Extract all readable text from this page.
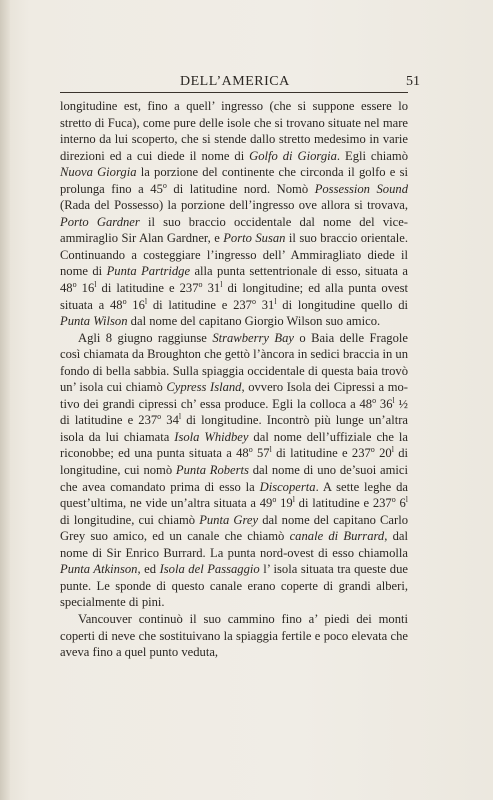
DELL’AMERICA	51

longitudine est, fino a quell’ ingresso (che si suppone essere lo stretto di Fuca), come pure delle isole che si trovano situate nel mare interno da lui scoperto, che si stende dallo stretto medesimo in varie direzioni ed a cui diede il nome di Golfo di Giorgia. Egli chiamò Nuova Giorgia la porzione del continente che circonda il golfo e si prolunga fino a 45$^o$ di latitudine nord. Nomò Possession Sound (Rada del Possesso) la porzione dell’ingresso ove allora si trovava, Porto Gardner il suo braccio occidentale dal nome del vice-ammiraglio Sir Alan Gardner, e Porto Susan il suo braccio orientale. Continuando a costeggiare l’ingresso dell’ Ammiragliato diede il nome di Punta Partridge alla punta settentrionale di esso, situata a 48$^o$ 16$^l$ di latitudine e 237$^o$ 31$^l$ di longitudine; ed alla punta ovest situata a 48$^o$ 16$^l$ di latitudine e 237$^o$ 31$^l$ di longitudine quello di Punta Wilson dal nome del capitano Giorgio Wilson suo amico.

Agli 8 giugno raggiunse Strawberry Bay o Baia delle Fragole così chiamata da Broughton che gettò l’àncora in sedici braccia in un fondo di bella sabbia. Sulla spiaggia occidentale di questa baia trovò un’ isola cui chiamò Cypress Island, ovvero Isola dei Cipressi a motivo dei grandi cipressi ch’ essa produce. Egli la colloca a 48$^o$ 36$^l$ ½ di latitudine e 237$^o$ 34$^l$ di longitudine. Incontrò più lunge un’altra isola da lui chiamata Isola Whidbey dal nome dell’uffiziale che la riconobbe; ed una punta situata a 48$^o$ 57$^l$ di latitudine e 237$^o$ 20$^l$ di longitudine, cui nomò Punta Roberts dal nome di uno de’suoi amici che avea comandato prima di esso la Discoperta. A sette leghe da quest’ultima, ne vide un’altra situata a 49$^o$ 19$^l$ di latitudine e 237$^o$ 6$^l$ di longitudine, cui chiamò Punta Grey dal nome del capitano Carlo Grey suo amico, ed un canale che chiamò canale di Burrard, dal nome di Sir Enrico Burrard. La punta nord-ovest di esso chiamolla Punta Atkinson, ed Isola del Passaggio l’ isola situata tra queste due punte. Le sponde di questo canale erano coperte di grandi alberi, specialmente di pini.

Vancouver continuò il suo cammino fino a’ piedi dei monti coperti di neve che sostituivano la spiaggia fertile e poco elevata che aveva fino a quel punto veduta,
